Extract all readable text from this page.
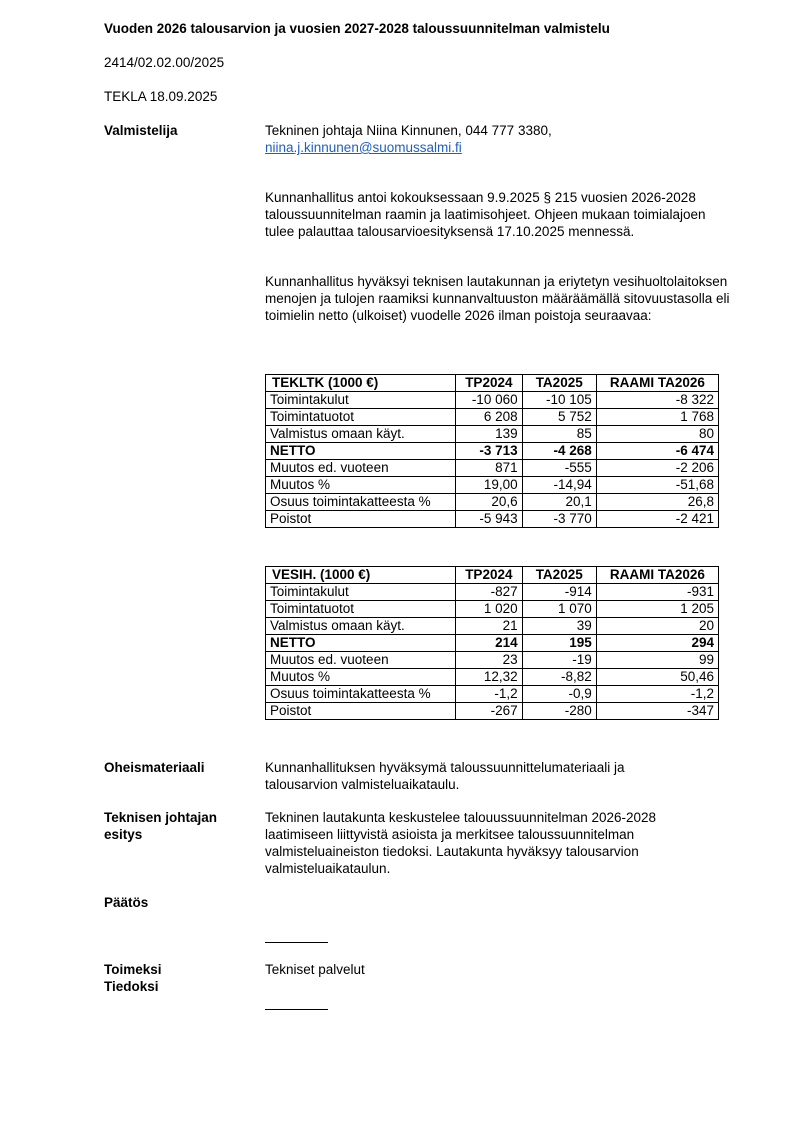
Vuoden 2026 talousarvion ja vuosien 2027-2028 taloussuunnitelman valmistelu
2414/02.02.00/2025
TEKLA 18.09.2025
Valmistelija	Tekninen johtaja Niina Kinnunen, 044 777 3380,
niina.j.kinnunen@suomussalmi.fi
Kunnanhallitus antoi kokouksessaan 9.9.2025 § 215 vuosien 2026-2028 taloussuunnitelman raamin ja laatimisohjeet. Ohjeen mukaan toimialajoen tulee palauttaa talousarvioesityksensä 17.10.2025 mennessä.
Kunnanhallitus hyväksyi teknisen lautakunnan ja eriytetyn vesihuoltolaitoksen menojen ja tulojen raamiksi kunnanvaltuuston määräämällä sitovuustasolla eli toimielin netto (ulkoiset) vuodelle 2026 ilman poistoja seuraavaa:
TEKLTK (1000 €)	TP2024	TA2025	RAAMI TA2026
Toimintakulut	-10 060	-10 105	-8 322
Toimintatuotot	6 208	5 752	1 768
Valmistus omaan käyt.	139	85	80
NETTO	-3 713	-4 268	-6 474
Muutos ed. vuoteen	871	-555	-2 206
Muutos %	19,00	-14,94	-51,68
Osuus toimintakatteesta %	20,6	20,1	26,8
Poistot	-5 943	-3 770	-2 421
VESIH. (1000 €)	TP2024	TA2025	RAAMI TA2026
Toimintakulut	-827	-914	-931
Toimintatuotot	1 020	1 070	1 205
Valmistus omaan käyt.	21	39	20
NETTO	214	195	294
Muutos ed. vuoteen	23	-19	99
Muutos %	12,32	-8,82	50,46
Osuus toimintakatteesta %	-1,2	-0,9	-1,2
Poistot	-267	-280	-347
Oheismateriaali	Kunnanhallituksen hyväksymä taloussuunnittelumateriaali ja talousarvion valmisteluaikataulu.
Teknisen johtajan
esitys
Tekninen lautakunta keskustelee talouussuunnitelman 2026-2028 laatimiseen liittyvistä asioista ja merkitsee taloussuunnitelman valmisteluaineiston tiedoksi. Lautakunta hyväksyy talousarvion valmisteluaikataulun.
Päätös
Toimeksi
Tiedoksi
Tekniset palvelut
